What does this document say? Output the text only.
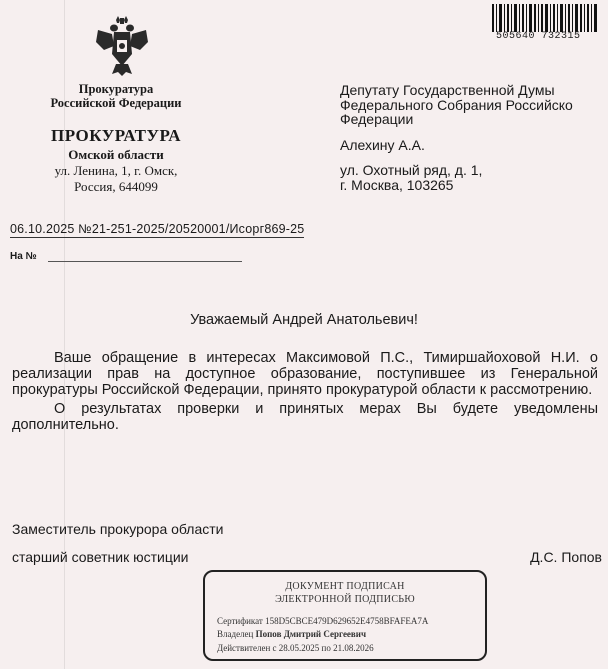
505640 732315
Прокуратура
Российской Федерации
ПРОКУРАТУРА
Омской области
ул. Ленина, 1, г. Омск,
Россия, 644099
Депутату Государственной Думы
Федерального Собрания Российско
Федерации
Алехину А.А.
ул. Охотный ряд, д. 1,
г. Москва, 103265
06.10.2025 №21-251-2025/20520001/Исорг869-25
На №
Уважаемый Андрей Анатольевич!

Ваше обращение в интересах Максимовой П.С., Тимиршайоховой Н.И. о реализации прав на доступное образование, поступившее из Генеральной прокуратуры Российской Федерации, принято прокуратурой области к рассмотрению.

О результатах проверки и принятых мерах Вы будете уведомлены дополнительно.

Заместитель прокурора области
старший советник юстиции	Д.С. Попов
ДОКУМЕНТ ПОДПИСАН
ЭЛЕКТРОННОЙ ПОДПИСЬЮ
Сертификат 158D5CBCE479D629652E4758BFAFEA7A
Владелец Попов Дмитрий Сергеевич
Действителен с 28.05.2025 по 21.08.2026
